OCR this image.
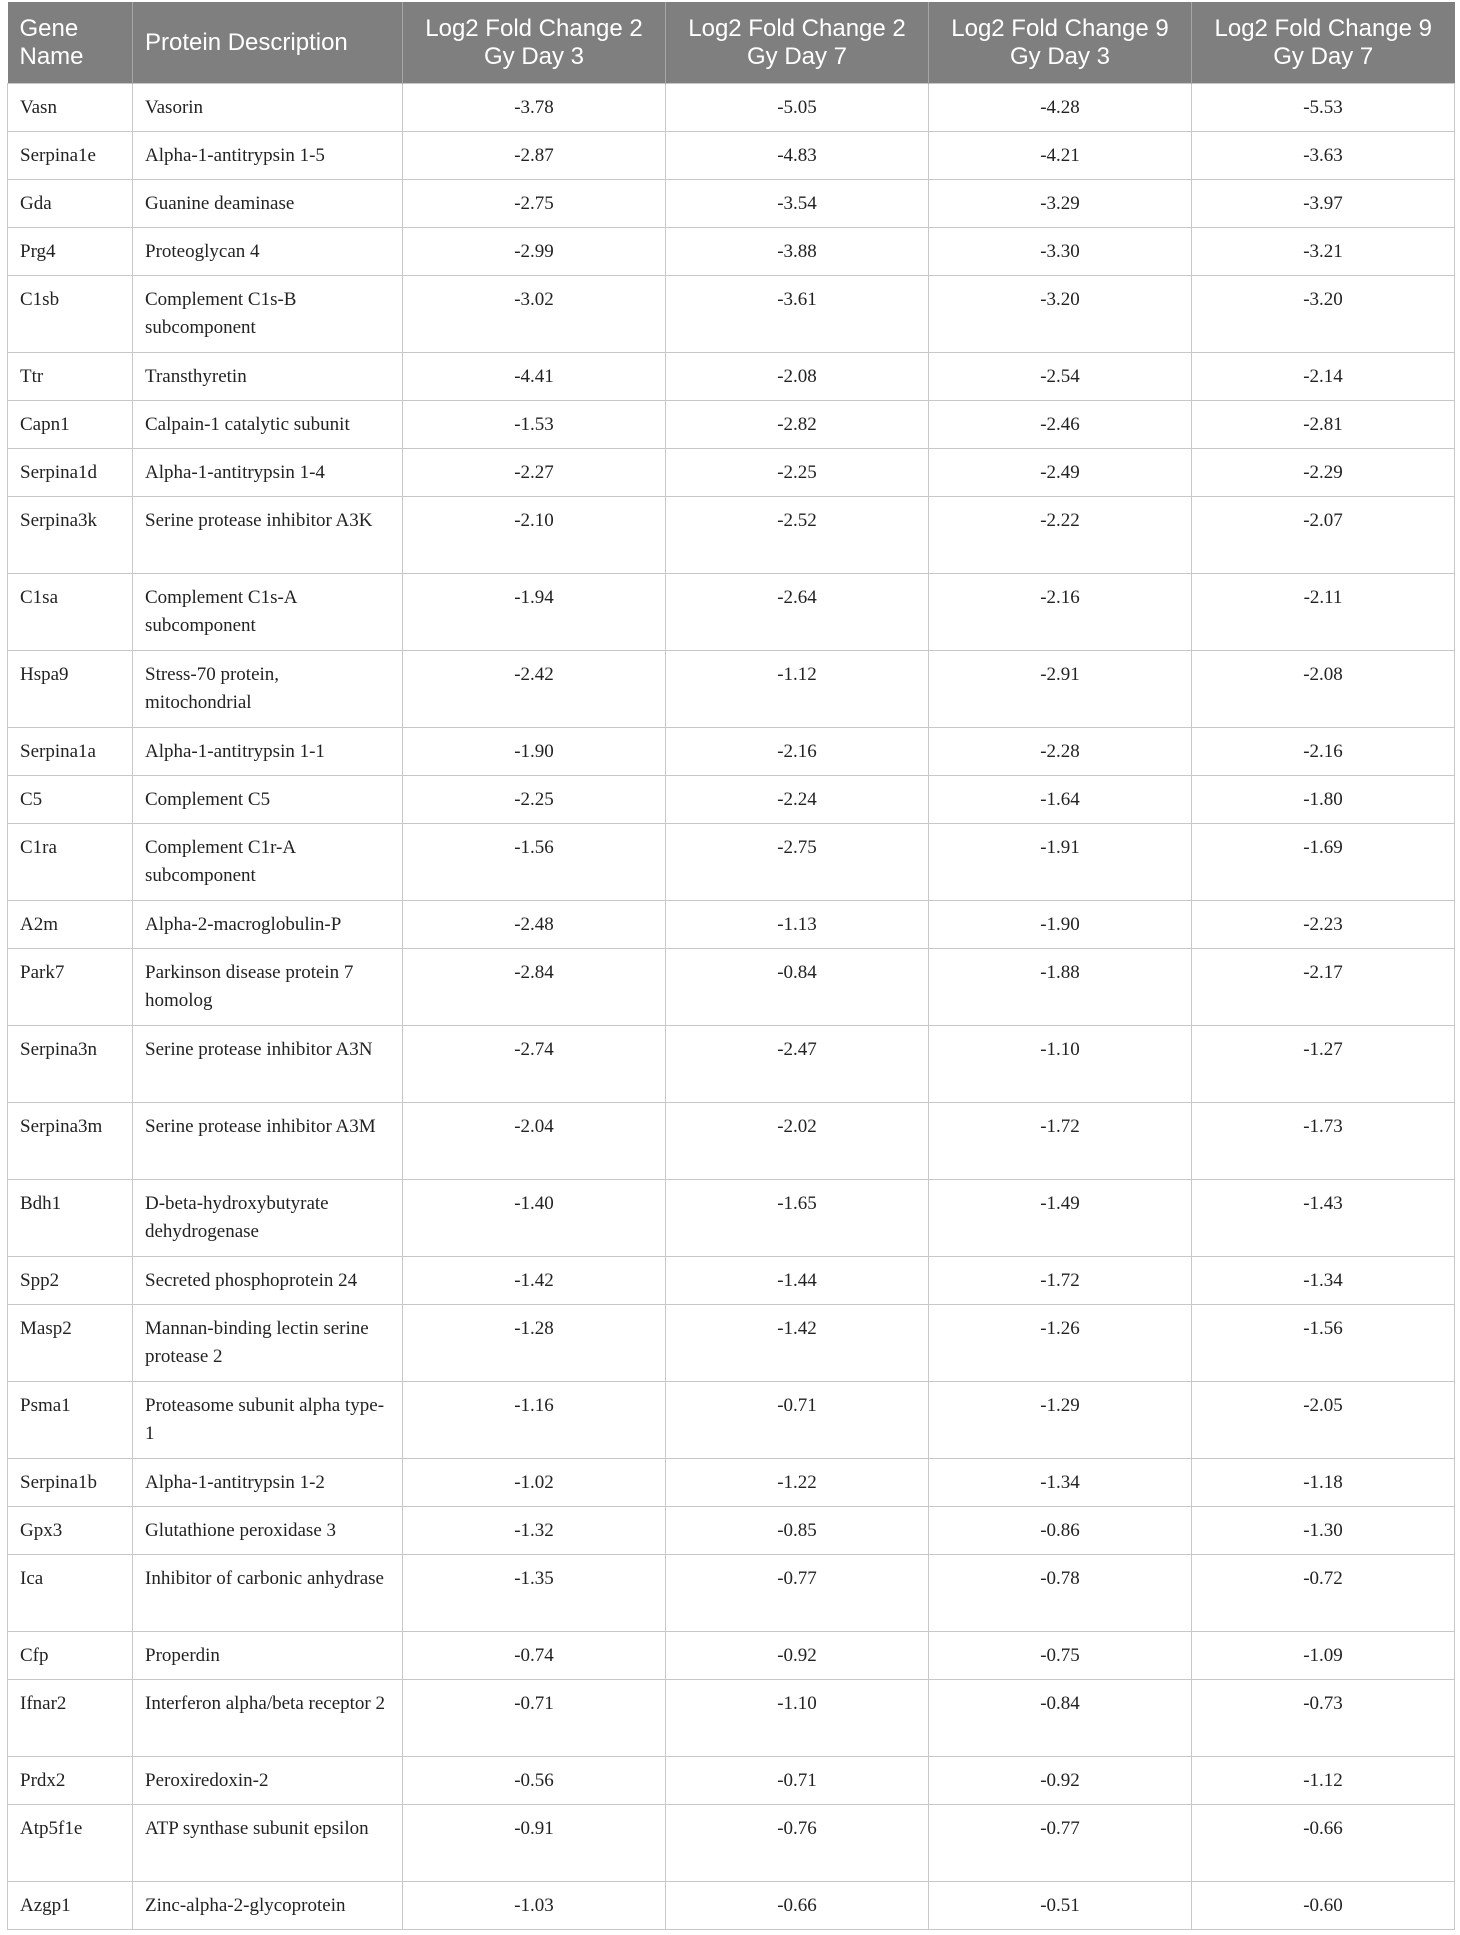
Gene Name	Protein Description	Log2 Fold Change 2 Gy Day 3	Log2 Fold Change 2 Gy Day 7	Log2 Fold Change 9 Gy Day 3	Log2 Fold Change 9 Gy Day 7
Vasn	Vasorin	-3.78	-5.05	-4.28	-5.53
Serpina1e	Alpha-1-antitrypsin 1-5	-2.87	-4.83	-4.21	-3.63
Gda	Guanine deaminase	-2.75	-3.54	-3.29	-3.97
Prg4	Proteoglycan 4	-2.99	-3.88	-3.30	-3.21
C1sb	Complement C1s-B subcomponent	-3.02	-3.61	-3.20	-3.20
Ttr	Transthyretin	-4.41	-2.08	-2.54	-2.14
Capn1	Calpain-1 catalytic subunit	-1.53	-2.82	-2.46	-2.81
Serpina1d	Alpha-1-antitrypsin 1-4	-2.27	-2.25	-2.49	-2.29
Serpina3k	Serine protease inhibitor A3K	-2.10	-2.52	-2.22	-2.07
C1sa	Complement C1s-A subcomponent	-1.94	-2.64	-2.16	-2.11
Hspa9	Stress-70 protein, mitochondrial	-2.42	-1.12	-2.91	-2.08
Serpina1a	Alpha-1-antitrypsin 1-1	-1.90	-2.16	-2.28	-2.16
C5	Complement C5	-2.25	-2.24	-1.64	-1.80
C1ra	Complement C1r-A subcomponent	-1.56	-2.75	-1.91	-1.69
A2m	Alpha-2-macroglobulin-P	-2.48	-1.13	-1.90	-2.23
Park7	Parkinson disease protein 7 homolog	-2.84	-0.84	-1.88	-2.17
Serpina3n	Serine protease inhibitor A3N	-2.74	-2.47	-1.10	-1.27
Serpina3m	Serine protease inhibitor A3M	-2.04	-2.02	-1.72	-1.73
Bdh1	D-beta-hydroxybutyrate dehydrogenase	-1.40	-1.65	-1.49	-1.43
Spp2	Secreted phosphoprotein 24	-1.42	-1.44	-1.72	-1.34
Masp2	Mannan-binding lectin serine protease 2	-1.28	-1.42	-1.26	-1.56
Psma1	Proteasome subunit alpha type-1	-1.16	-0.71	-1.29	-2.05
Serpina1b	Alpha-1-antitrypsin 1-2	-1.02	-1.22	-1.34	-1.18
Gpx3	Glutathione peroxidase 3	-1.32	-0.85	-0.86	-1.30
Ica	Inhibitor of carbonic anhydrase	-1.35	-0.77	-0.78	-0.72
Cfp	Properdin	-0.74	-0.92	-0.75	-1.09
Ifnar2	Interferon alpha/beta receptor 2	-0.71	-1.10	-0.84	-0.73
Prdx2	Peroxiredoxin-2	-0.56	-0.71	-0.92	-1.12
Atp5f1e	ATP synthase subunit epsilon	-0.91	-0.76	-0.77	-0.66
Azgp1	Zinc-alpha-2-glycoprotein	-1.03	-0.66	-0.51	-0.60
